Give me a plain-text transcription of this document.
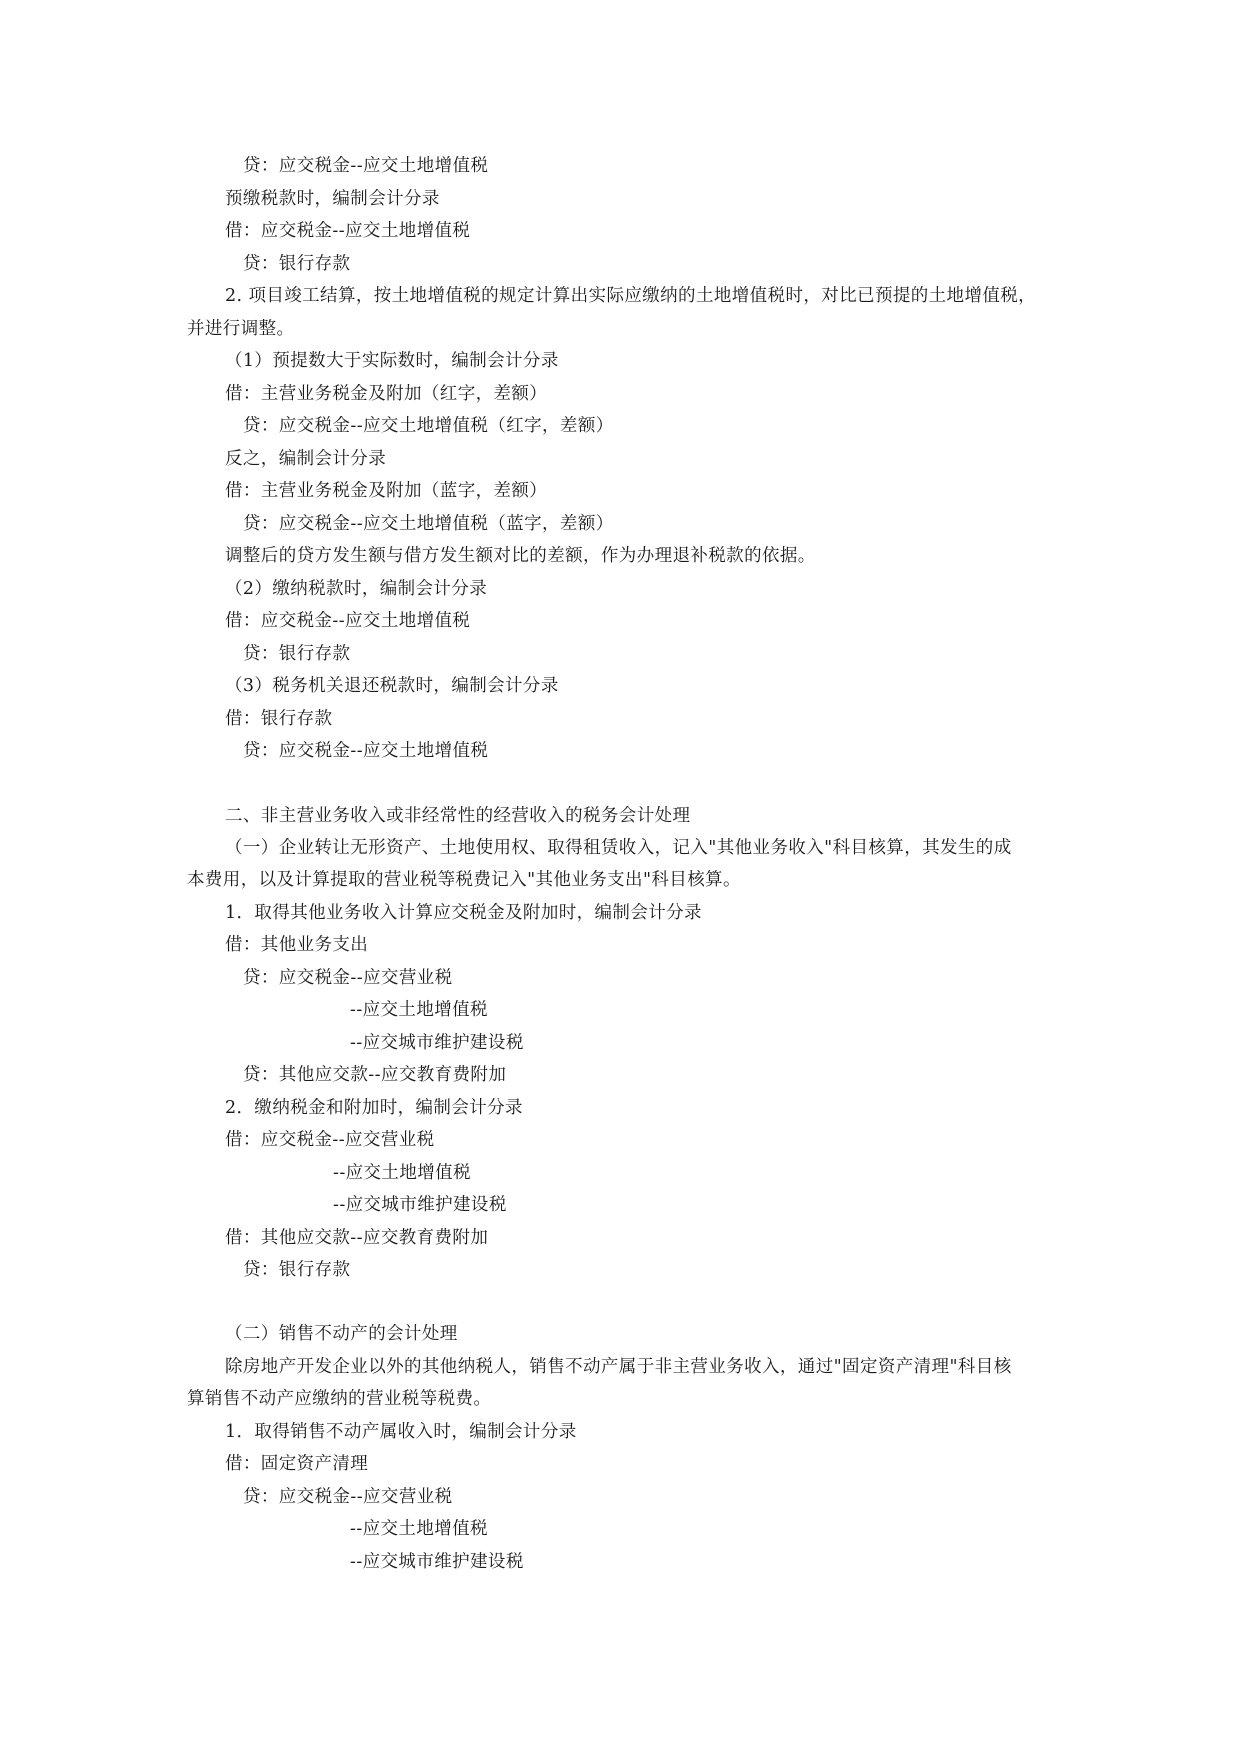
贷：应交税金--应交土地增值税
预缴税款时，编制会计分录
借：应交税金--应交土地增值税
贷：银行存款
2. 项目竣工结算，按土地增值税的规定计算出实际应缴纳的土地增值税时，对比已预提的土地增值税，
并进行调整。
（1）预提数大于实际数时，编制会计分录
借：主营业务税金及附加（红字，差额）
贷：应交税金--应交土地增值税（红字，差额）
反之，编制会计分录
借：主营业务税金及附加（蓝字，差额）
贷：应交税金--应交土地增值税（蓝字，差额）
调整后的贷方发生额与借方发生额对比的差额，作为办理退补税款的依据。
（2）缴纳税款时，编制会计分录
借：应交税金--应交土地增值税
贷：银行存款
（3）税务机关退还税款时，编制会计分录
借：银行存款
贷：应交税金--应交土地增值税
二、非主营业务收入或非经常性的经营收入的税务会计处理
（一）企业转让无形资产、土地使用权、取得租赁收入，记入"其他业务收入"科目核算，其发生的成
本费用，以及计算提取的营业税等税费记入"其他业务支出"科目核算。
1．取得其他业务收入计算应交税金及附加时，编制会计分录
借：其他业务支出
贷：应交税金--应交营业税
--应交土地增值税
--应交城市维护建设税
贷：其他应交款--应交教育费附加
2．缴纳税金和附加时，编制会计分录
借：应交税金--应交营业税
--应交土地增值税
--应交城市维护建设税
借：其他应交款--应交教育费附加
贷：银行存款
（二）销售不动产的会计处理
除房地产开发企业以外的其他纳税人，销售不动产属于非主营业务收入，通过"固定资产清理"科目核
算销售不动产应缴纳的营业税等税费。
1．取得销售不动产属收入时，编制会计分录
借：固定资产清理
贷：应交税金--应交营业税
--应交土地增值税
--应交城市维护建设税
